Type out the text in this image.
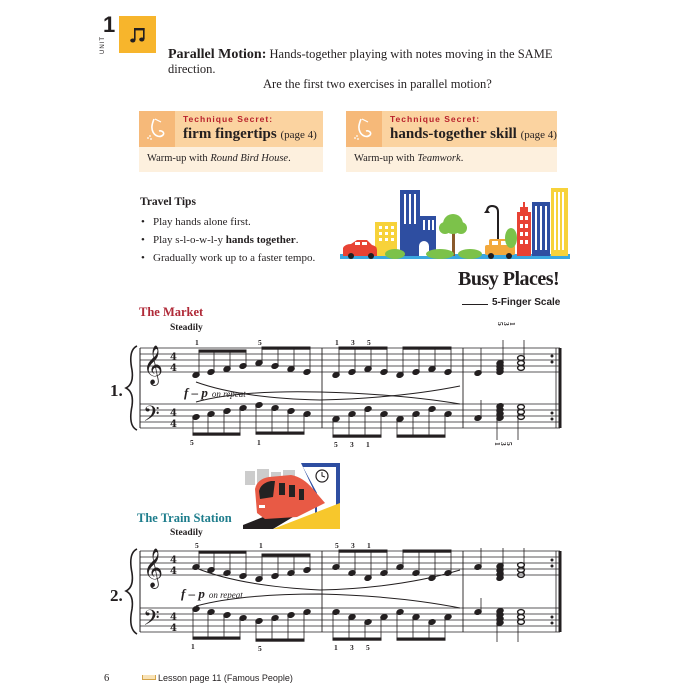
1
UNIT
Parallel Motion: Hands-together playing with notes moving in the SAME direction.
Are the first two exercises in parallel motion?
Technique Secret:
firm fingertips (page 4)
Warm-up with Round Bird House.
Technique Secret:
hands-together skill (page 4)
Warm-up with Teamwork.
Travel Tips
• Play hands alone first.
• Play s-l-o-w-l-y hands together.
• Gradually work up to a faster tempo.
Busy Places!
5-Finger Scale
The Market
Steadily
1.
The Train Station
Steadily
2.
𝄞
𝄢
4
4
4
4
𝄞
𝄢
4
4
4
4
1	5	1 3 5
5 3 1
5	1	5 3 1	1 3 5
5	1	5 3 1
1	5	1 3 5
f – p on repeat
f – p on repeat
6	Lesson page 11 (Famous People)
